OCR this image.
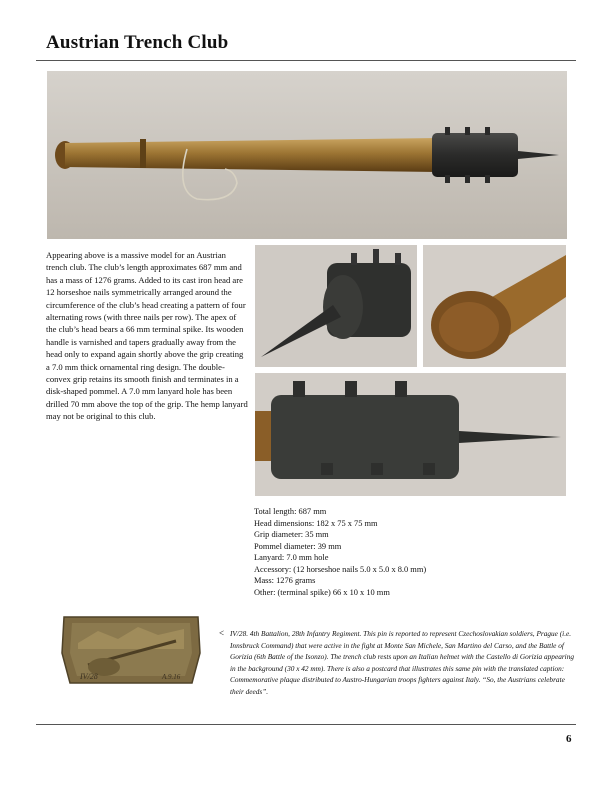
Austrian Trench Club

Appearing above is a massive model for an Austrian trench club. The club’s length approximates 687 mm and has a mass of 1276 grams. Added to its cast iron head are 12 horseshoe nails symmetrically arranged around the circumference of the club’s head creating a pattern of four alternating rows (with three nails per row). The apex of the club’s head bears a 66 mm terminal spike. Its wooden handle is varnished and tapers gradually away from the head only to expand again shortly above the grip creating a 7.0 mm thick ornamental ring design. The double-convex grip retains its smooth finish and terminates in a disk-shaped pommel. A 7.0 mm lanyard hole has been drilled 70 mm above the top of the grip. The hemp lanyard may not be original to this club.

Total length: 687 mm
Head dimensions: 182 x 75 x 75 mm
Grip diameter: 35 mm
Pommel diameter: 39 mm
Lanyard: 7.0 mm hole
Accessory: (12 horseshoe nails 5.0 x 5.0 x 8.0 mm)
Mass: 1276 grams
Other: (terminal spike) 66 x 10 x 10 mm
IV/28	A.9.16
< IV/28. 4th Battalion, 28th Infantry Regiment. This pin is reported to represent Czechoslovakian soldiers, Prague (i.e. Innsbruck Command) that were active in the fight at Monte San Michele, San Martino del Carso, and the Battle of Gorizia (6th Battle of the Isonzo). The trench club rests upon an Italian helmet with the Castello di Gorizia appearing in the background (30 x 42 mm). There is also a postcard that illustrates this same pin with the translated caption: Commemorative plaque distributed to Austro-Hungarian troops fighters against Italy. “So, the Austrians celebrate their deeds”.

6
